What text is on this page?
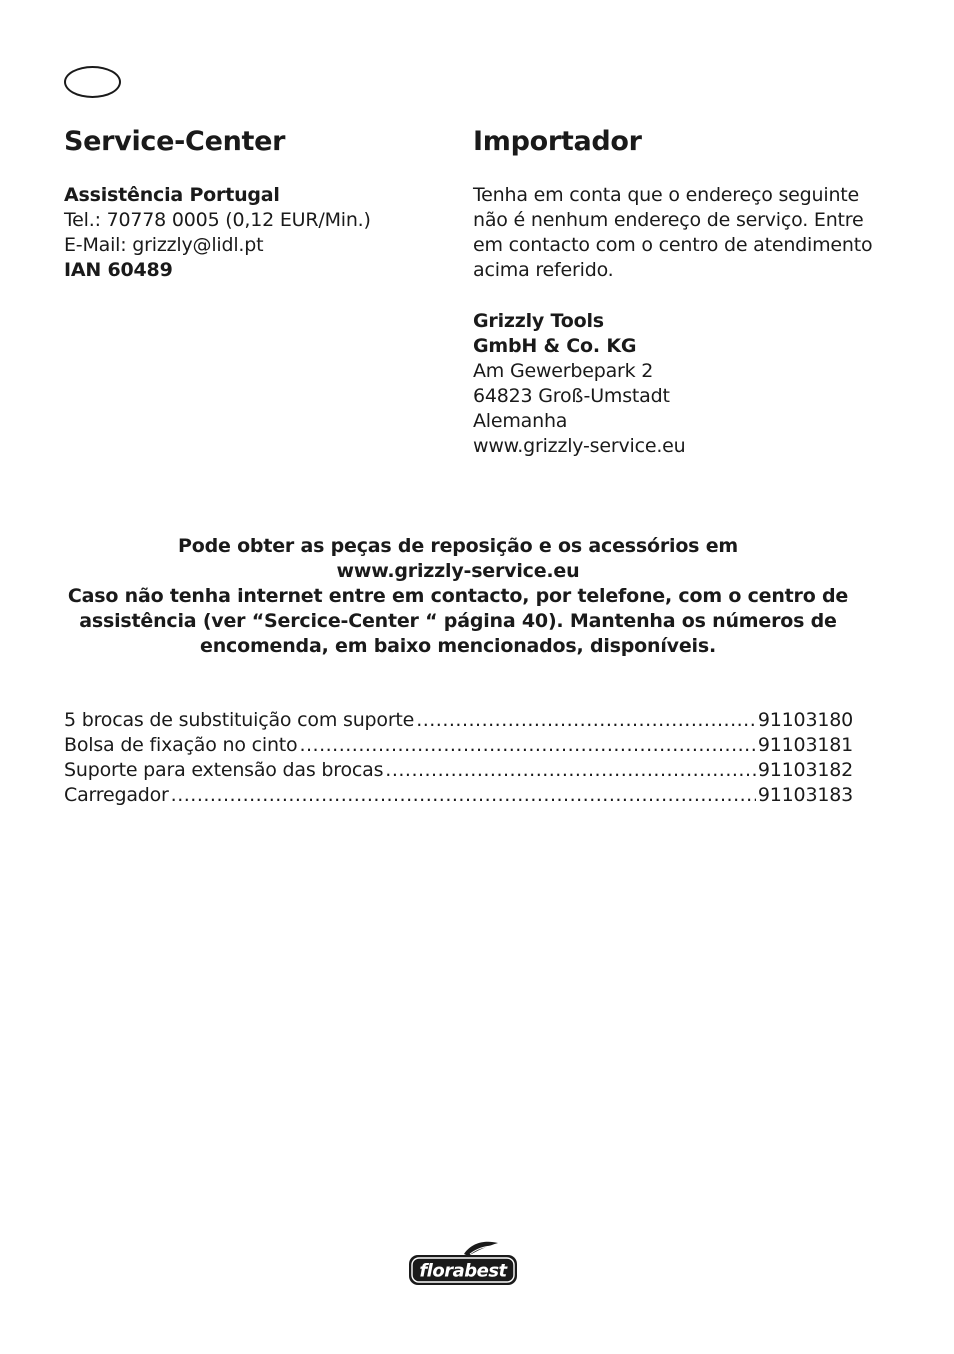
Service-Center	Importador
Assistência Portugal
Tel.: 70778 0005 (0,12 EUR/Min.)
E-Mail: grizzly@lidl.pt
IAN 60489
Tenha em conta que o endereço seguinte
não é nenhum endereço de serviço. Entre
em contacto com o centro de atendimento
acima referido.
Grizzly Tools
GmbH & Co. KG
Am Gewerbepark 2
64823 Groß-Umstadt
Alemanha
www.grizzly-service.eu
Pode obter as peças de reposição e os acessórios em
www.grizzly-service.eu
Caso não tenha internet entre em contacto, por telefone, com o centro de
assistência (ver “Sercice-Center “ página 40). Mantenha os números de
encomenda, em baixo mencionados, disponíveis.
5 brocas de substituição com suporte .....	91103180
Bolsa de fixação no cinto .....	91103181
Suporte para extensão das brocas .....	91103182
Carregador .....	91103183
florabest
